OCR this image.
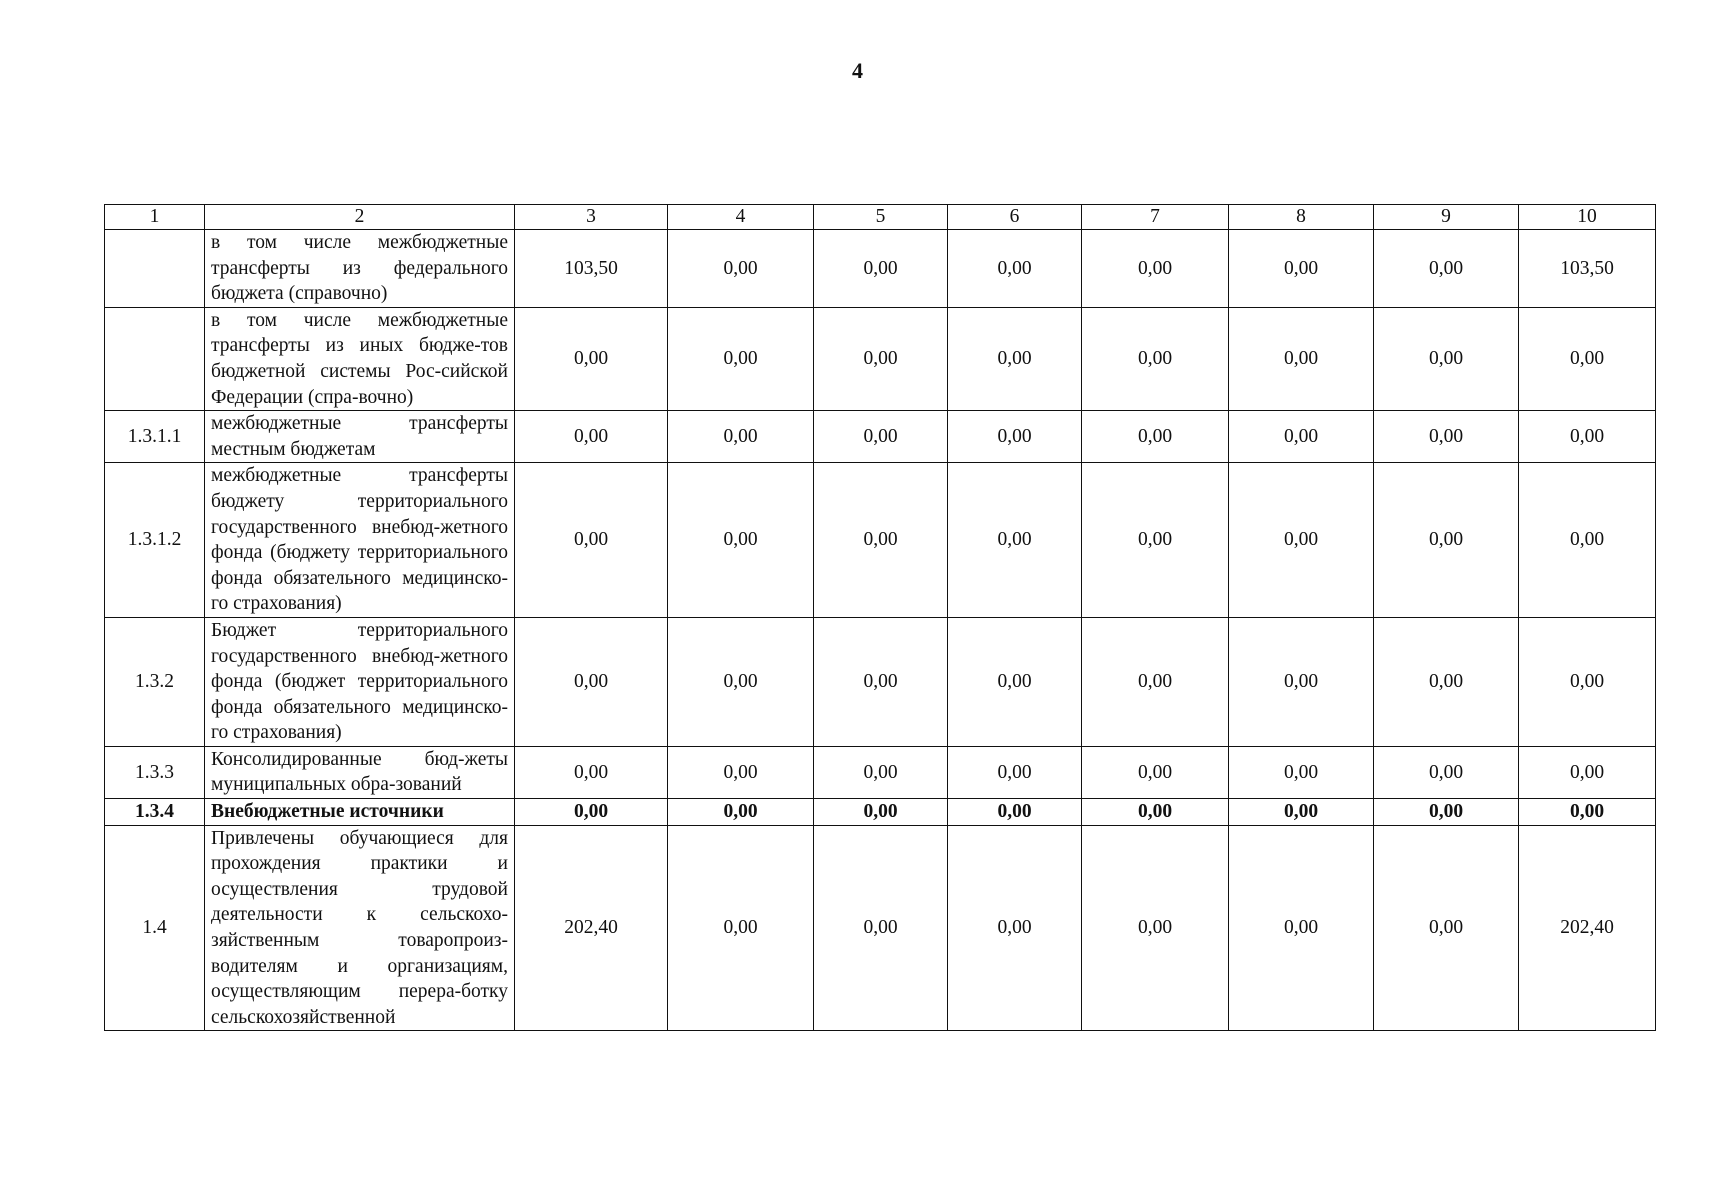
4
1	2	3	4	5	6	7	8	9	10
	в том числе межбюджетные трансферты из федерального бюджета (справочно)	103,50	0,00	0,00	0,00	0,00	0,00	0,00	103,50
	в том числе межбюджетные трансферты из иных бюдже-тов бюджетной системы Рос-сийской Федерации (спра-вочно)	0,00	0,00	0,00	0,00	0,00	0,00	0,00	0,00
1.3.1.1	межбюджетные трансферты местным бюджетам	0,00	0,00	0,00	0,00	0,00	0,00	0,00	0,00
1.3.1.2	межбюджетные трансферты бюджету территориального государственного внебюд-жетного фонда (бюджету территориального фонда обязательного медицинско-го страхования)	0,00	0,00	0,00	0,00	0,00	0,00	0,00	0,00
1.3.2	Бюджет территориального государственного внебюд-жетного фонда (бюджет территориального фонда обязательного медицинско-го страхования)	0,00	0,00	0,00	0,00	0,00	0,00	0,00	0,00
1.3.3	Консолидированные бюд-жеты муниципальных обра-зований	0,00	0,00	0,00	0,00	0,00	0,00	0,00	0,00
1.3.4	Внебюджетные источники	0,00	0,00	0,00	0,00	0,00	0,00	0,00	0,00
1.4	Привлечены обучающиеся для прохождения практики и осуществления трудовой деятельности к сельскохо-зяйственным товаропроиз-водителям и организациям, осуществляющим перера-ботку сельскохозяйственной	202,40	0,00	0,00	0,00	0,00	0,00	0,00	202,40
